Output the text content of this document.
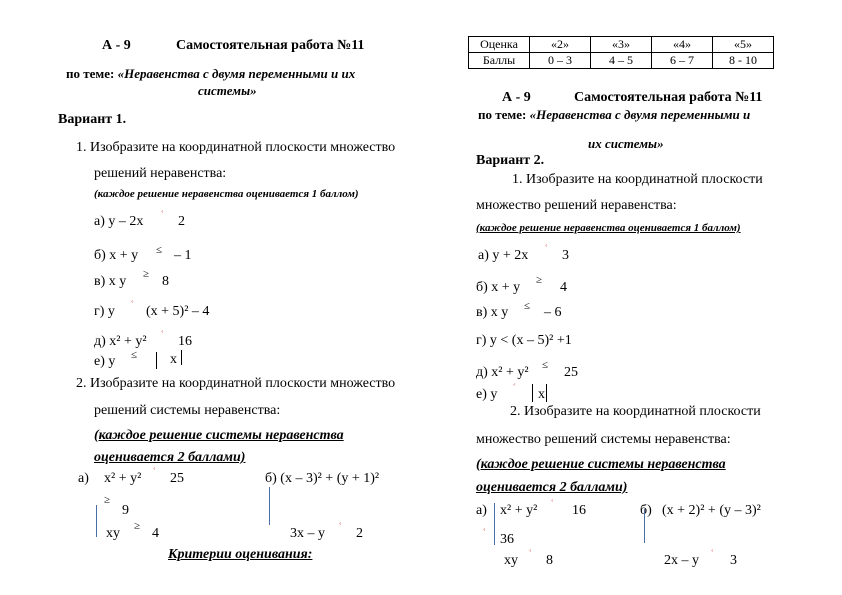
Оценка	«2»	«3»	«4»	«5»
Баллы	0 – 3	4 – 5	6 – 7	8 - 10
А - 9	Самостоятельная работа №11
по теме: «Неравенства с двумя переменными и их
системы»
Вариант 1.
1. Изобразите на координатной плоскости множество
решений неравенства:
(каждое решение неравенства оценивается 1 баллом)
а) y – 2x ʿ 2
б) x + y ≤ – 1
в) x y ≥ 8
г) y ʿ (x + 5)² – 4
д) x² + y² ʿ 16
е) y ≤ x
2. Изобразите на координатной плоскости множество
решений системы неравенства:
(каждое решение системы неравенства
оценивается 2 баллами)
а) x² + y² ʿ 25
≥
9
xy ≥ 4
б) (x – 3)² + (y + 1)²
3x – y ʿ 2
Критерии оценивания:
А - 9	Самостоятельная работа №11
по теме: «Неравенства с двумя переменными и
их системы»
Вариант 2.
1. Изобразите на координатной плоскости
множество решений неравенства:
(каждое решение неравенства оценивается 1 баллом)
а) y + 2x ʿ 3
б) x + y ≥ 4
в) x y ≤ – 6
г) y < (x – 5)² +1
д) x² + y² ≤ 25
е) y ʿ x
2. Изобразите на координатной плоскости
множество решений системы неравенства:
(каждое решение системы неравенства
оценивается 2 баллами)
а) x² + y² ʿ 16
ʿ 36
xy ʿ 8
б) (x + 2)² + (y – 3)²
2x – y ʿ 3
